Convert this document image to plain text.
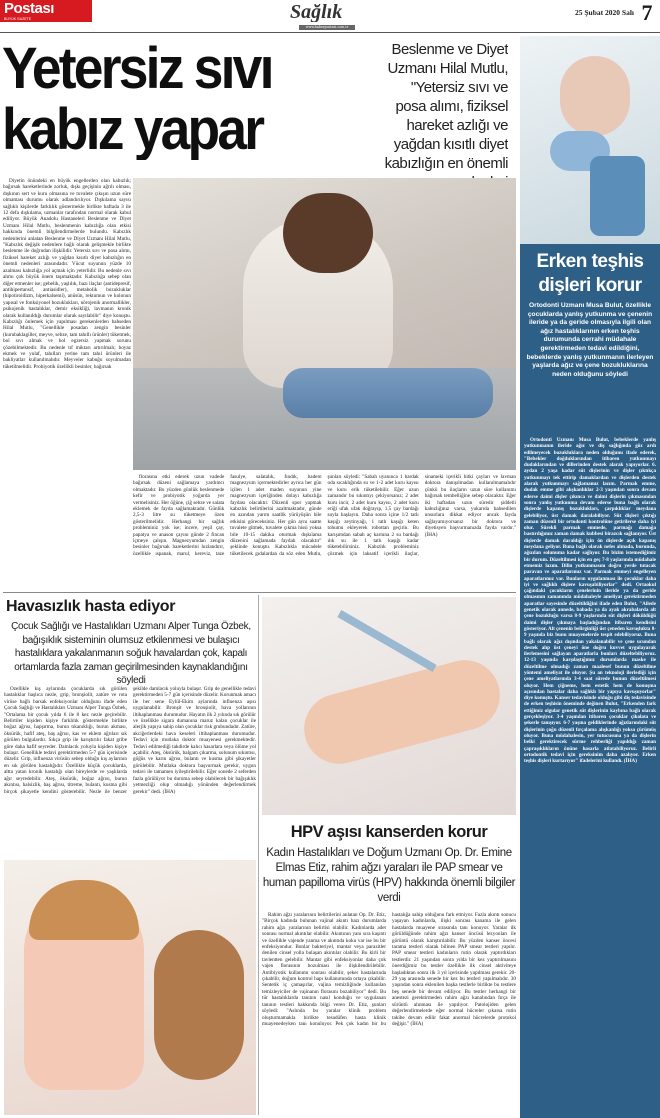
Postası
BÜYÜK GAZETE	Sağlık
www.haberpostasi.com.tr
25 Şubat 2020 Salı 7
Yetersiz sıvı kabız yapar
Beslenme ve Diyet Uzmanı Hilal Mutlu, "Yetersiz sıvı ve posa alımı, fiziksel hareket azlığı ve yağdan kısıtlı diyet kabızlığın en önemli

Diyetin önündeki en büyük engellerden olan kabızlık; bağırsak hareketlerinde zorluk, dışkı geçişinin ağrılı olması, dışkının sert ve kuru olmasına ve tuvalete çıkışın uzun süre olmaması durumu olarak adlandırılıyor. Dışkılama sayısı sağlıklı kişilerde farklılık göstermekle birlikte haftada 3 ile 12 defa dışkılama, uzmanlar tarafından normal olarak kabul ediliyor. Büyük Anadolu Hastaneleri Beslenme ve Diyet Uzmanı Hilal Mutlu, beslenmenin kabızlığa olan etkisi hakkında önemli bilgilendirmelerde bulundu. Kabızlık nedenlerini anlatan Beslenme ve Diyet Uzmanı Hilal Mutlu, "Kabızlık değişik nedenlere bağlı olarak gelişmekle birlikte beslenme ile doğrudan ilişkilidir. Yetersiz sıvı ve posa alımı, fiziksel hareket azlığı ve yağdan kısıtlı diyet kabızlığın en önemli nedenleri arasındadır. Vücut suyunun yüzde 10 azalması kabızlığa yol açmak için yeterlidir. Bu nedenle sıvı alımı çok büyük önem taşımaktadır. Kabızlığa sebep olan diğer etmenler ise; gebelik, yaşlılık, bazı ilaçlar (antidepresif, antihipertansif, antiasidler), metabolik bozukluklar (hipotiroidizm, hiperkalsemi), anüsün, rektumun ve kolonun yapısal ve fonksiyonel bozuklukları, nörojenik anormallikler, psikojenik hastalıklar, demir eksikliği, lavmanın kronik olarak kullanıldığı durumlar olarak sayılabilir" diye konuştu. Kabızlığı önlemek için yapılması gerekenlerden bahseden Hilal Mutlu, "Genellikle posadan zengin besinler (kurubaklagiller, meyve, sebze, tam tahıllı ürünler) tüketmek, bol sıvı almak ve bol egzersiz yapmak sorunu çözebilmektedir. Bu nedenle tıf miktarı artırılmalı; boyaz ekmek ve yulaf, tahılları yerine tam tahıl ürünleri ile bakliyatlar kullanılmalıdır. Meyveler kabuğu soyulmadan tüketilmelidir. Probiyotik özellikli besinler, bağırsak

florasına etki ederek uzun vadede bağırsak düzeni sağlamaya yardımcı olmaktadır. Bu yüzden günlük beslenmede kefir ve probiyotik yoğurda yer vermelisiniz. Her öğüne, çiğ sebze ve salata eklemek de fayda sağlamaktadır. Günlük 2,5-3 litre su tüketmeye özen gösterilmelidir. Herhangi bir sağlık probleminiz yok ise; incere, yeşil çay, papatya ve anason çayını günde 2 fincan içmeye çalışın. Magnezyumdan zengin besinler bağırsak hareketlerini hızlandırır, özellikle ıspanak, marul, kereviz, taze fasulye, salatalık, fındık, badem magnezyum içermektedirler ayrıca her gün içilen 1 adet maden suyunun yine magnezyum içeriğinden dolayı kabızlığa faydası olacaktır. Düzenli spor yapmak kabızlık belirtilerini azaltmaktadır, günde en azından yarım saatlik yürüyüşün bile etkisini göreceksiniz. Her gün aynı saatte tuvalete gitmek, tuvalete çıkma hissi yoksa bile 10-15 dakika oturmak dışkılama düzenini sağlamada faydalı olacaktır" şeklinde konuştu. Kabızlıkla mücadele tüketilecek gıdalardan da söz eden Mutlu, şunları söyledi: "Sabah uyanınca 1 bardak oda sıcaklığında su ve 1-2 adet kuru kayısı ve kuru erik tüketilebilir. Eğer uzun zamandır bu sıkıntıyı çekiyorsanız; 2 adet kuru incir, 2 adet kuru kayısı, 2 adet kuru eriği ufak ufak doğrayıp, 1,5 çay bardağı suyla haşlayın. Daha sonra içine 1/2 tatlı kaşığı zeytinyağı, 1 tatlı kaşığı keten tohumu ekleyerek robottan geçirin. Bu karışımdan sabah aç karnına 2 su bardağı ılık su ile 1 tatlı kaşığı kadar tüketebilirsiniz. Kabızlık probleminiz çözmek için laksatif içerikli ilaçlar, sinameki içerikli bitki çayları ve lavman doktora danışılmadan kullanılmamalıdır çünkü bu ilaçların uzun süre kullanımı bağırsak tembelliğine sebep olacaktır. Eğer iki haftadan uzun süredir şiddetli kabızlığınız varsa, yukarıda bahsedilen unsurlara dikkat ediyor ancak fayda sağlayamıyorsanız bir doktora ve diyetisyen başvurmanızda fayda vardır." (İHA)

Erken teşhis dişleri korur
Ortodonti Uzmanı Musa Bulut, özellikle çocuklarda yanlış yutkunma ve çenenin ileride ya da geride olmasıyla ilgili olan ağız hastalıklarının erken teşhis durumunda cerrahi müdahale gerektirmeden tedavi edildiğini, bebeklerde yanlış yutkunmanın ilerleyen yaşlarda ağız ve çene bozukluklarına neden olduğunu söyledi

Ortodonti Uzmanı Musa Bulut, bebeklerde yanlış yutkunmanın ileride ağız ve diş sağlığında göz ardı edilmeyecek bozukluklara neden olduğunu ifade ederek, "Bebekler doğduklarından itibaren yutkunmayı dudaklarından ve dillerinden destek alarak yapıyorlar. 6. aydan 2 yaşa kadar süt dişlerinin ve dişler çıktıkça yutkunmayı tek ettirip damaklardan ve dişlerden destek alarak yutkunmayı sağlamamız lazım. Parmak emme, dudak emme gibi alışkanlıklar 2-3 yaşından sonra devam ederse daimi dişler çıkınca ve daimi dişlerin çıkmasından sonra yanlış yutkunma devam ederse buna bağlı olarak dişlerde kapanış bozuklukları, çarpıklıklar meydana gelebiliyor, üst damak daralabiliyor. Süt dişleri çıktığı zaman düzenli bir ortodonti kontrolüne getirilerse daha iyi olur. Sürekli parmak emmede, parmağı damağa bastırdığımız zaman damak kubbesi birazcık sağlanıyor. Üst dişlerde damak daraldığı için ön dişlerde açık kapanış meydana geliyor. Buna bağlı olarak nefes almada, burunda, ağızdan solunuma kadar sağlıyor. Bu bizim istemediğimiz bir durum. Düzeltilmesi için en geç 7-8 yaşlarında müdahale etmemiz lazım. Dilin yutkunmasını doğru yerde tutacak paravan ve aparatlarımız var. Parmak emmeyi engelleyen aparatlarımız var. Bunların uygulanması ile çocuklar daha iyi ve sağlıklı dişlere kavuşabiliyorlar" dedi. Ortaokul çağındaki çocukların çenelerinin ileride ya da geride olmasının zamanında müdahaleyle ameliyat gerektirmeden aparatlar sayesinde düzeltildiğini ifade eden Bulut, "Ailede genetik olarak annede, babada ya da ayak akrabalarda alt çene bozukluğu varsa 8-9 yaşlarında süt dişleri döküldüğü daimi dişler çıkmaya başladığından itibaren kendisini gösteriyor. Alt çenenin belirginliği üst çeneden kavuşlukta 8-9 yaşında biz bunu muayenelerde tespit edebiliyoruz. Buna bağlı olarak ağız dışından yakalanabilir ve çene ucundan destek alıp üst çeneyi öne doğru kuvvet uygulayarak ilerlemesini sağlayan aparatlarla bunları düzeltebiliyoruz. 12-13 yaşında karşılaştığımız durumlarda maske ile düzeltilme olmadığı zaman maalesef bunun düzeltilme yöntemi ameliyat ile oluyor. Şu an teknoloji ilerlediği için çene ameliyatlarında 3-4 saat sürede bunun düzeltilmesi oluyor. Hem çiğneme, hem estetik hem de konuşma açısından hastalar daha sağlıklı bir yapıya kavuşuyorlar" diye konuştu. Kanser tedavisinde olduğu gibi diş tedavisinde de erken teşhisin öneminde değinen Bulut, "Erkenden fark ettiğimiz olgular genetik süt dişlerinin kaybına bağlı olarak gerçekleşiyor. 3-4 yaşından itibaren çocuklar çikolata ve şekerle tanışıyor. 6-7 yaşına geldiklerinde ağızlarındaki süt dişlerinin çoğu düzenli fırçalama alışkanlığı yoksa çürümüş oluyor. Buna müdahalesin, yer tutucusuna ya da dişlerin belki gerektirecek sürme rehberliği yapıldığı zaman çapraşıklıkların önüne hasarla atlatabiliyoruz. Belirli ortodontik tedavi için gereksinim daha azalıyor. Erken teşhis dişleri kurtarıyor" ifadelerini kullandı. (İHA)

Havasızlık hasta ediyor
Çocuk Sağlığı ve Hastalıkları Uzmanı Alper Tunga Özbek, bağışıklık sisteminin olumsuz etkilenmesi ve bulaşıcı hastalıklara yakalanmanın soğuk havalardan çok, kapalı ortamlarda fazla zaman geçirilmesinden kaynaklandığını söyledi

Özellikle kış aylarında çocuklarda sık görülen hastalıklar başlıca nezle, grip, bronşiolit, zatüre ve rota virüse bağlı barsak enfeksiyonlar olduğunu ifade eden Çocuk Sağlığı ve Hastalıkları Uzmanı Alper Tunga Özbek, "Ortalama bir çocuk yılda 6 ile 8 kez nezle geçirebilir. Belirtiler kişiden kişiye farklılık göstermekle birlikte boğaz ağrısı, hapşırma, burun tıkanıklığı, burun akması, öksürük, hafif ateş, baş ağrısı, kas ve eklem ağrıları sık görülen bulgulardır. Sıkça grip ile karıştırılır fakat gribe göre daha hafif seyreder. Damlacık yoluyla kişiden kişiye bulaşır. Genellikle tedavi gerektirmeden 5-7 gün içerisinde düzelir. Grip, influenza virüsün sebep olduğu kış aylarının en sık görülen hastalığıdır. Özellikle küçük çocuklarda, altta yatan kronik hastalığı olan bireylerde ve yaşlılarda ağır seyredebilir. Ateş, öksürük, boğaz ağrısı, burun akıntısı, halsizlik, baş ağrısı, titreme, bulantı, kusma gibi birçok şikayetle kendini gösterebilir. Nezle ile benzer şekilde damlacık yoluyla bulaşır. Grip de genellikle tedavi gerektirmeden 5-7 gün içerisinde düzelir. Korunmak amacı ile her sene Eylül-Ekim aylarında influenza aşısı uygulanabilir. Bronşit ve bronşiolit, hava yollarının iltihaplanması durumudur. Hayatın ilk 2 yılında sık görülür ve özellikle sigara dumanına maruz kalan çocuklar ile alerjik yapıya sahip olan çocuklar risk grubundadır. Zatüre, akciğerlerdeki hava keseleri iltihaplanması durumudur. Tedavi için mutlaka doktor muayenesi gerekmektedir. Tedavi edilmediği takdirde kalıcı hasarlara veya ölüme yol açabilir. Ateş, öksürük, balgam çıkarma, solunum sıkıntısı, göğüs ve karın ağrısı, bulantı ve kusma gibi şikayetler görülebilir. Mutlaka doktora başvurmak gerekir, uygun tedavi ile tamamen iyileştirilebilir. Eğer sonede 2 seferden fazla görülüyor bu duruma sebep olabilecek bir bağışıklık yetmezliği olup olmadığı yönünden değerlendirmek gerekir" dedi. (İHA)

HPV aşısı kanserden korur
Kadın Hastalıkları ve Doğum Uzmanı Op. Dr. Emine Elmas Etiz, rahim ağzı yaraları ile PAP smear ve human papilloma virüs (HPV) hakkında önemli bilgiler verdi

Rahim ağzı yaralarının belirtilerini anlatan Op. Dr. Etiz, "Birçok kadında bulunan vajinal akıntı bazı durumlarda rahim ağzı yaralarının belirtisi olabilir. Kadınlarda adet sonrası normal akıntılar olabilir. Akıntının yanı sıra kaşıntı ve özellikle vajende yanma ve akıntıda koku var ise bu bir enfeksiyondur. Bunlar bakteriyel, mantar veya parazitler denilen cinsel yolla bulaşan akıntılar olabilir. Bu kirli bir tavlentten gelebilir. Mantar gibi enfeksiyonlar daha çok vajen florasının bozulması ile ilişkilendirilebilir. Antibiyotik kullanımı sonrası olabilir, şeker hastalarında çıkabilir, doğum kontrol hapı kullanımında ortaya çıkabilir. Sentetik iç çamaşırlar, vajina temizliğinde kullanılan temizleyiciler de vajinanın florasını bozabiliyor" dedi. Bu tür hastalıklarda tanının nasıl konduğu ve uygulanan tanının testleri hakkında bilgi veren Dr. Etiz, şunları söyledi: "Aslında bu yaralar klinik problem oluşturmamakla birlikte tesadüfen hasta klinik muayenedeyken tanı konuluyor. Pek çok kadın bir bu hastalığa sahip olduğunu fark etmiyor. Fazla akıntı sonucu yaşayan kadınlarda, ilişki sonrası kanama ile gelen hastalarda muayene sırasında tanı konuyor. Yaralar ilk görüldüğünde rahim ağzı kanser öncüsü lezyonları ile görüntü olarak karıştırılabilir. Bu yüzden kanser öncesi tarama testleri olarak bilinen PAP smear testleri yapılır. PAP smear testleri kadınların rutin olarak yaptırdıkları testlerdir. 21 yaşından sonra yılda bir kez yaptırılmasını önerdiğimiz bu testler özellikle ilk cinsel aktiviteye başladıktan sonra ilk 3 yıl içerisinde yapılması gerekir. 20-29 yaş arasında senede bir kez bu testleri yapılmalıdır. 30 yaşından sonra eklenilen başka testlerle birlikte bu testlere beş senede bir devam ediliyor. Bu testler herhangi bir anestezi gerektirmeden rahim ağzı kanalından fırça ile sürüntü alınması ile yapılıyor. Patolojiden gelen değerlendirmelerde eğer normal hücreler çıkarsa rutin takibe devam edilir fakat anormal hücrelerde protokol değişir." (İHA)
